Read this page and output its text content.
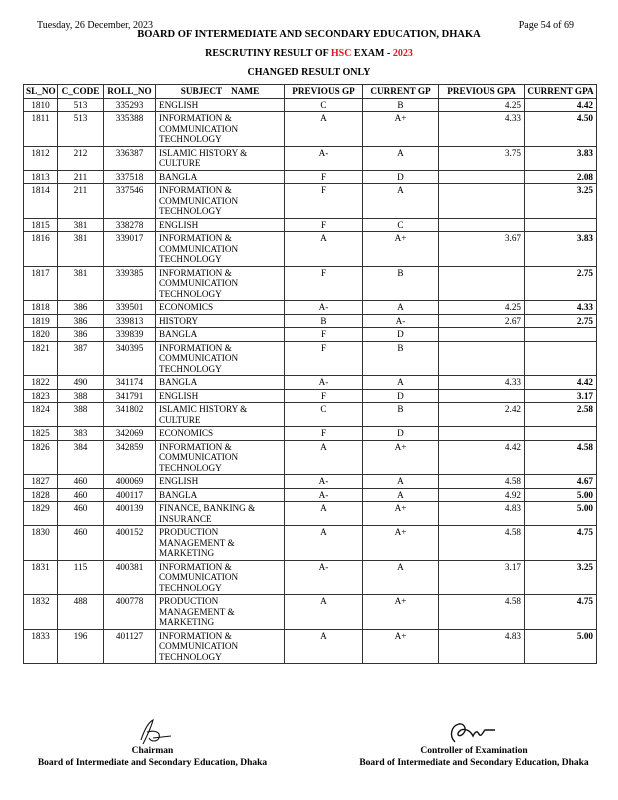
Tuesday, 26 December, 2023	Page 54 of 69
BOARD OF INTERMEDIATE AND SECONDARY EDUCATION, DHAKA
RESCRUTINY RESULT OF HSC EXAM - 2023
CHANGED RESULT ONLY
SL_NO	C_CODE	ROLL_NO	SUBJECT    NAME	PREVIOUS GP	CURRENT GP	PREVIOUS GPA	CURRENT GPA
1810	513	335293	ENGLISH	C	B	4.25	4.42
1811	513	335388	INFORMATION & COMMUNICATION TECHNOLOGY	A	A+	4.33	4.50
1812	212	336387	ISLAMIC HISTORY & CULTURE	A-	A	3.75	3.83
1813	211	337518	BANGLA	F	D		2.08
1814	211	337546	INFORMATION & COMMUNICATION TECHNOLOGY	F	A		3.25
1815	381	338278	ENGLISH	F	C		
1816	381	339017	INFORMATION & COMMUNICATION TECHNOLOGY	A	A+	3.67	3.83
1817	381	339385	INFORMATION & COMMUNICATION TECHNOLOGY	F	B		2.75
1818	386	339501	ECONOMICS	A-	A	4.25	4.33
1819	386	339813	HISTORY	B	A-	2.67	2.75
1820	386	339839	BANGLA	F	D		
1821	387	340395	INFORMATION & COMMUNICATION TECHNOLOGY	F	B		
1822	490	341174	BANGLA	A-	A	4.33	4.42
1823	388	341791	ENGLISH	F	D		3.17
1824	388	341802	ISLAMIC HISTORY & CULTURE	C	B	2.42	2.58
1825	383	342069	ECONOMICS	F	D		
1826	384	342859	INFORMATION & COMMUNICATION TECHNOLOGY	A	A+	4.42	4.58
1827	460	400069	ENGLISH	A-	A	4.58	4.67
1828	460	400117	BANGLA	A-	A	4.92	5.00
1829	460	400139	FINANCE, BANKING & INSURANCE	A	A+	4.83	5.00
1830	460	400152	PRODUCTION MANAGEMENT & MARKETING	A	A+	4.58	4.75
1831	115	400381	INFORMATION & COMMUNICATION TECHNOLOGY	A-	A	3.17	3.25
1832	488	400778	PRODUCTION MANAGEMENT & MARKETING	A	A+	4.58	4.75
1833	196	401127	INFORMATION & COMMUNICATION TECHNOLOGY	A	A+	4.83	5.00
Chairman
Board of Intermediate and Secondary Education, Dhaka
Controller of Examination
Board of Intermediate and Secondary Education, Dhaka
